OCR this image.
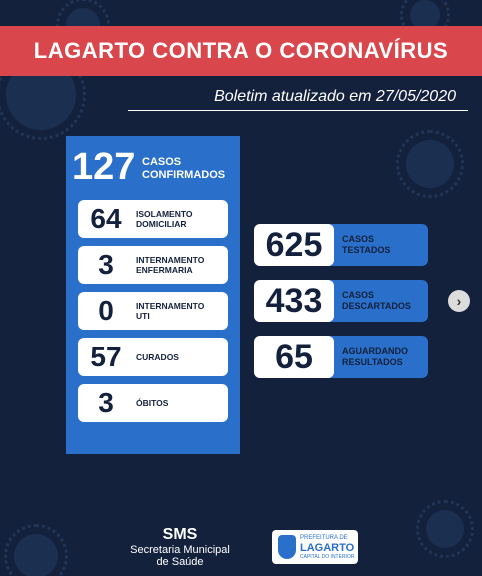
LAGARTO CONTRA O CORONAVÍRUS
Boletim atualizado em 27/05/2020
127 CASOS
CONFIRMADOS
64	ISOLAMENTO
DOMICILIAR
3	INTERNAMENTO
ENFERMARIA
0	INTERNAMENTO
UTI
57	CURADOS
3	ÓBITOS
625	CASOS
TESTADOS
433	CASOS
DESCARTADOS
65	AGUARDANDO
RESULTADOS
›
SMS
Secretaria Municipal
de Saúde
PREFEITURA DE
LAGARTO
CAPITAL DO INTERIOR
